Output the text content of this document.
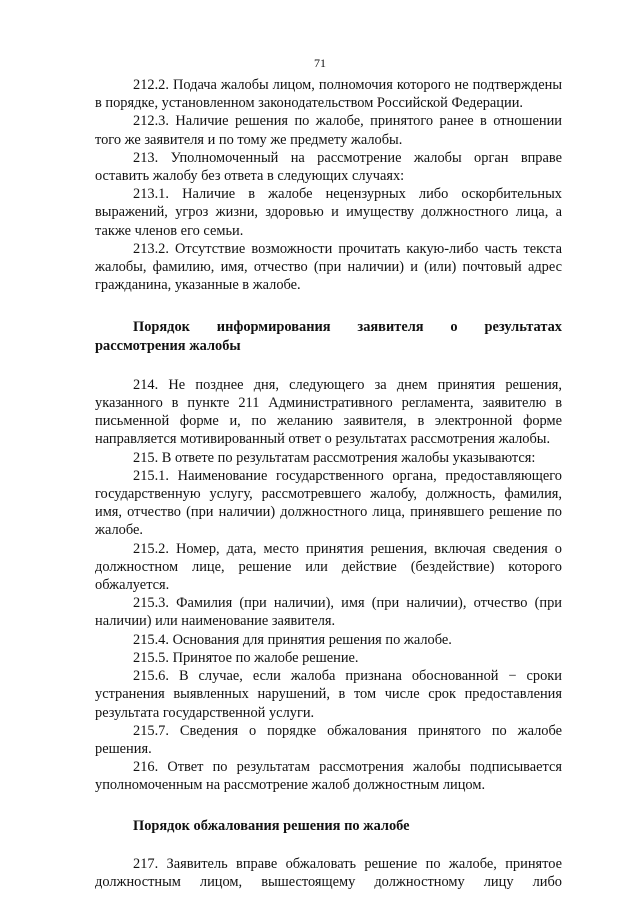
71

212.2. Подача жалобы лицом, полномочия которого не подтверждены в порядке, установленном законодательством Российской Федерации.

212.3. Наличие решения по жалобе, принятого ранее в отношении того же заявителя и по тому же предмету жалобы.

213. Уполномоченный на рассмотрение жалобы орган вправе оставить жалобу без ответа в следующих случаях:

213.1. Наличие в жалобе нецензурных либо оскорбительных выражений, угроз жизни, здоровью и имуществу должностного лица, а также членов его семьи.

213.2. Отсутствие возможности прочитать какую-либо часть текста жалобы, фамилию, имя, отчество (при наличии) и (или) почтовый адрес гражданина, указанные в жалобе.

Порядок информирования заявителя о результатах рассмотрения жалобы

214. Не позднее дня, следующего за днем принятия решения, указанного в пункте 211 Административного регламента, заявителю в письменной форме и, по желанию заявителя, в электронной форме направляется мотивированный ответ о результатах рассмотрения жалобы.

215. В ответе по результатам рассмотрения жалобы указываются:

215.1. Наименование государственного органа, предоставляющего государственную услугу, рассмотревшего жалобу, должность, фамилия, имя, отчество (при наличии) должностного лица, принявшего решение по жалобе.

215.2. Номер, дата, место принятия решения, включая сведения о должностном лице, решение или действие (бездействие) которого обжалуется.

215.3. Фамилия (при наличии), имя (при наличии), отчество (при наличии) или наименование заявителя.

215.4. Основания для принятия решения по жалобе.

215.5. Принятое по жалобе решение.

215.6. В случае, если жалоба признана обоснованной − сроки устранения выявленных нарушений, в том числе срок предоставления результата государственной услуги.

215.7. Сведения о порядке обжалования принятого по жалобе решения.

216. Ответ по результатам рассмотрения жалобы подписывается уполномоченным на рассмотрение жалоб должностным лицом.

Порядок обжалования решения по жалобе

217. Заявитель вправе обжаловать решение по жалобе, принятое должностным лицом, вышестоящему должностному лицу либо
